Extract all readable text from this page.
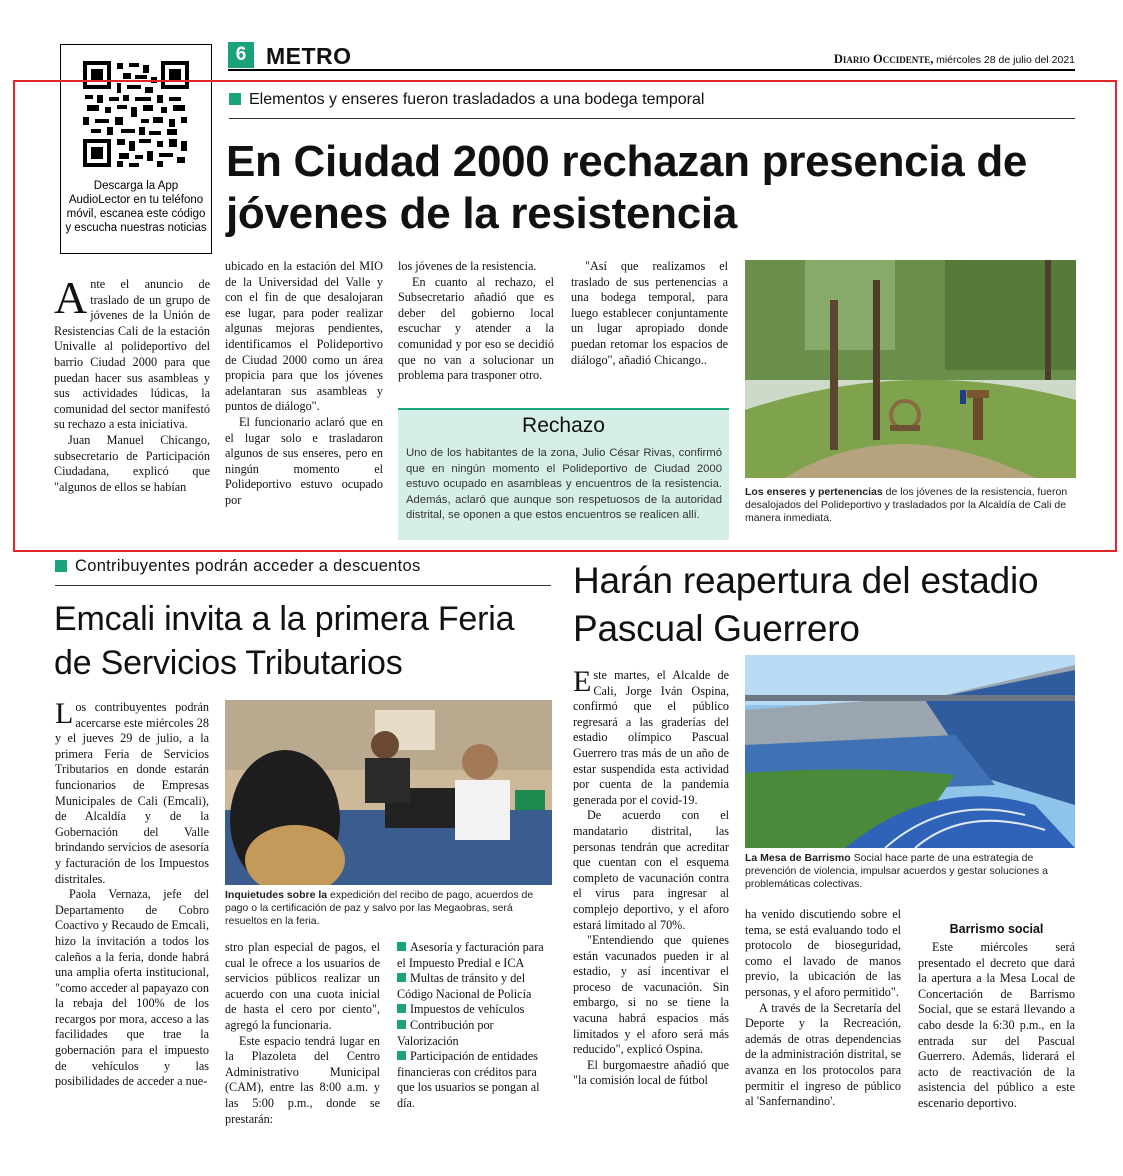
Descarga la App AudioLector en tu teléfono móvil, escanea este código y escucha nuestras noticias
6 METRO	Diario Occidente, miércoles 28 de julio del 2021
Elementos y enseres fueron trasladados a una bodega temporal
En Ciudad 2000 rechazan presencia de jóvenes de la resistencia

Ante el anuncio de traslado de un grupo de jóvenes de la Unión de Resistencias Cali de la estación Univalle al polideportivo del barrio Ciudad 2000 para que puedan hacer sus asambleas y sus actividades lúdicas, la comunidad del sector manifestó su rechazo a esta iniciativa.

Juan Manuel Chicango, subsecretario de Participación Ciudadana, explicó que "algunos de ellos se habían

ubicado en la estación del MIO de la Universidad del Valle y con el fin de que desalojaran ese lugar, para poder realizar algunas mejoras pendientes, identificamos el Polideportivo de Ciudad 2000 como un área propicia para que los jóvenes adelantaran sus asambleas y puntos de diálogo".

El funcionario aclaró que en el lugar solo e trasladaron algunos de sus enseres, pero en ningún momento el Polideportivo estuvo ocupado por

los jóvenes de la resistencia.

En cuanto al rechazo, el Subsecretario añadió que es deber del gobierno local escuchar y atender a la comunidad y por eso se decidió que no van a solucionar un problema para trasponer otro.

"Así que realizamos el traslado de sus pertenencias a una bodega temporal, para luego establecer conjuntamente un lugar apropiado donde puedan retomar los espacios de diálogo", añadió Chicango..

Rechazo
Uno de los habitantes de la zona, Julio César Rivas, confirmó que en ningún momento el Polideportivo de Ciudad 2000 estuvo ocupado en asambleas y encuentros de la resistencia. Además, aclaró que aunque son respetuosos de la autoridad distrital, se oponen a que estos encuentros se realicen allí.
Los enseres y pertenencias de los jóvenes de la resistencia, fueron desalojados del Polideportivo y trasladados por la Alcaldía de Cali de manera inmediata.
Contribuyentes podrán acceder a descuentos
Emcali invita a la primera Feria de Servicios Tributarios

Los contribuyentes podrán acercarse este miércoles 28 y el jueves 29 de julio, a la primera Feria de Servicios Tributarios en donde estarán funcionarios de Empresas Municipales de Cali (Emcali), de Alcaldía y de la Gobernación del Valle brindando servicios de asesoría y facturación de los Impuestos distritales.

Paola Vernaza, jefe del Departamento de Cobro Coactivo y Recaudo de Emcali, hizo la invitación a todos los caleños a la feria, donde habrá una amplia oferta institucional, "como acceder al papayazo con la rebaja del 100% de los recargos por mora, acceso a las facilidades que trae la gobernación para el impuesto de vehículos y las posibilidades de acceder a nue-

Inquietudes sobre la expedición del recibo de pago, acuerdos de pago o la certificación de paz y salvo por las Megaobras, será resueltos en la feria.

stro plan especial de pagos, el cual le ofrece a los usuarios de servicios públicos realizar un acuerdo con una cuota inicial de hasta el cero por ciento", agregó la funcionaria.

Este espacio tendrá lugar en la Plazoleta del Centro Administrativo Municipal (CAM), entre las 8:00 a.m. y las 5:00 p.m., donde se prestarán:

Asesoría y facturación para el Impuesto Predial e ICA

Multas de tránsito y del Código Nacional de Policía

Impuestos de vehículos

Contribución por Valorización

Participación de entidades financieras con créditos para que los usuarios se pongan al día.

Harán reapertura del estadio Pascual Guerrero

Este martes, el Alcalde de Cali, Jorge Iván Ospina, confirmó que el público regresará a las graderías del estadio olímpico Pascual Guerrero tras más de un año de estar suspendida esta actividad por cuenta de la pandemia generada por el covid-19.

De acuerdo con el mandatario distrital, las personas tendrán que acreditar que cuentan con el esquema completo de vacunación contra el virus para ingresar al complejo deportivo, y el aforo estará limitado al 70%.

"Entendiendo que quienes están vacunados pueden ir al estadio, y así incentivar el proceso de vacunación. Sin embargo, si no se tiene la vacuna habrá espacios más limitados y el aforo será más reducido", explicó Ospina.

El burgomaestre añadió que "la comisión local de fútbol

La Mesa de Barrismo Social hace parte de una estrategia de prevención de violencia, impulsar acuerdos y gestar soluciones a problemáticas colectivas.

ha venido discutiendo sobre el tema, se está evaluando todo el protocolo de bioseguridad, como el lavado de manos previo, la ubicación de las personas, y el aforo permitido".

A través de la Secretaría del Deporte y la Recreación, además de otras dependencias de la administración distrital, se avanza en los protocolos para permitir el ingreso de público al 'Sanfernandino'.

Barrismo social

Este miércoles será presentado el decreto que dará la apertura a la Mesa Local de Concertación de Barrismo Social, que se estará llevando a cabo desde la 6:30 p.m., en la entrada sur del Pascual Guerrero. Además, liderará el acto de reactivación de la asistencia del público a este escenario deportivo.
